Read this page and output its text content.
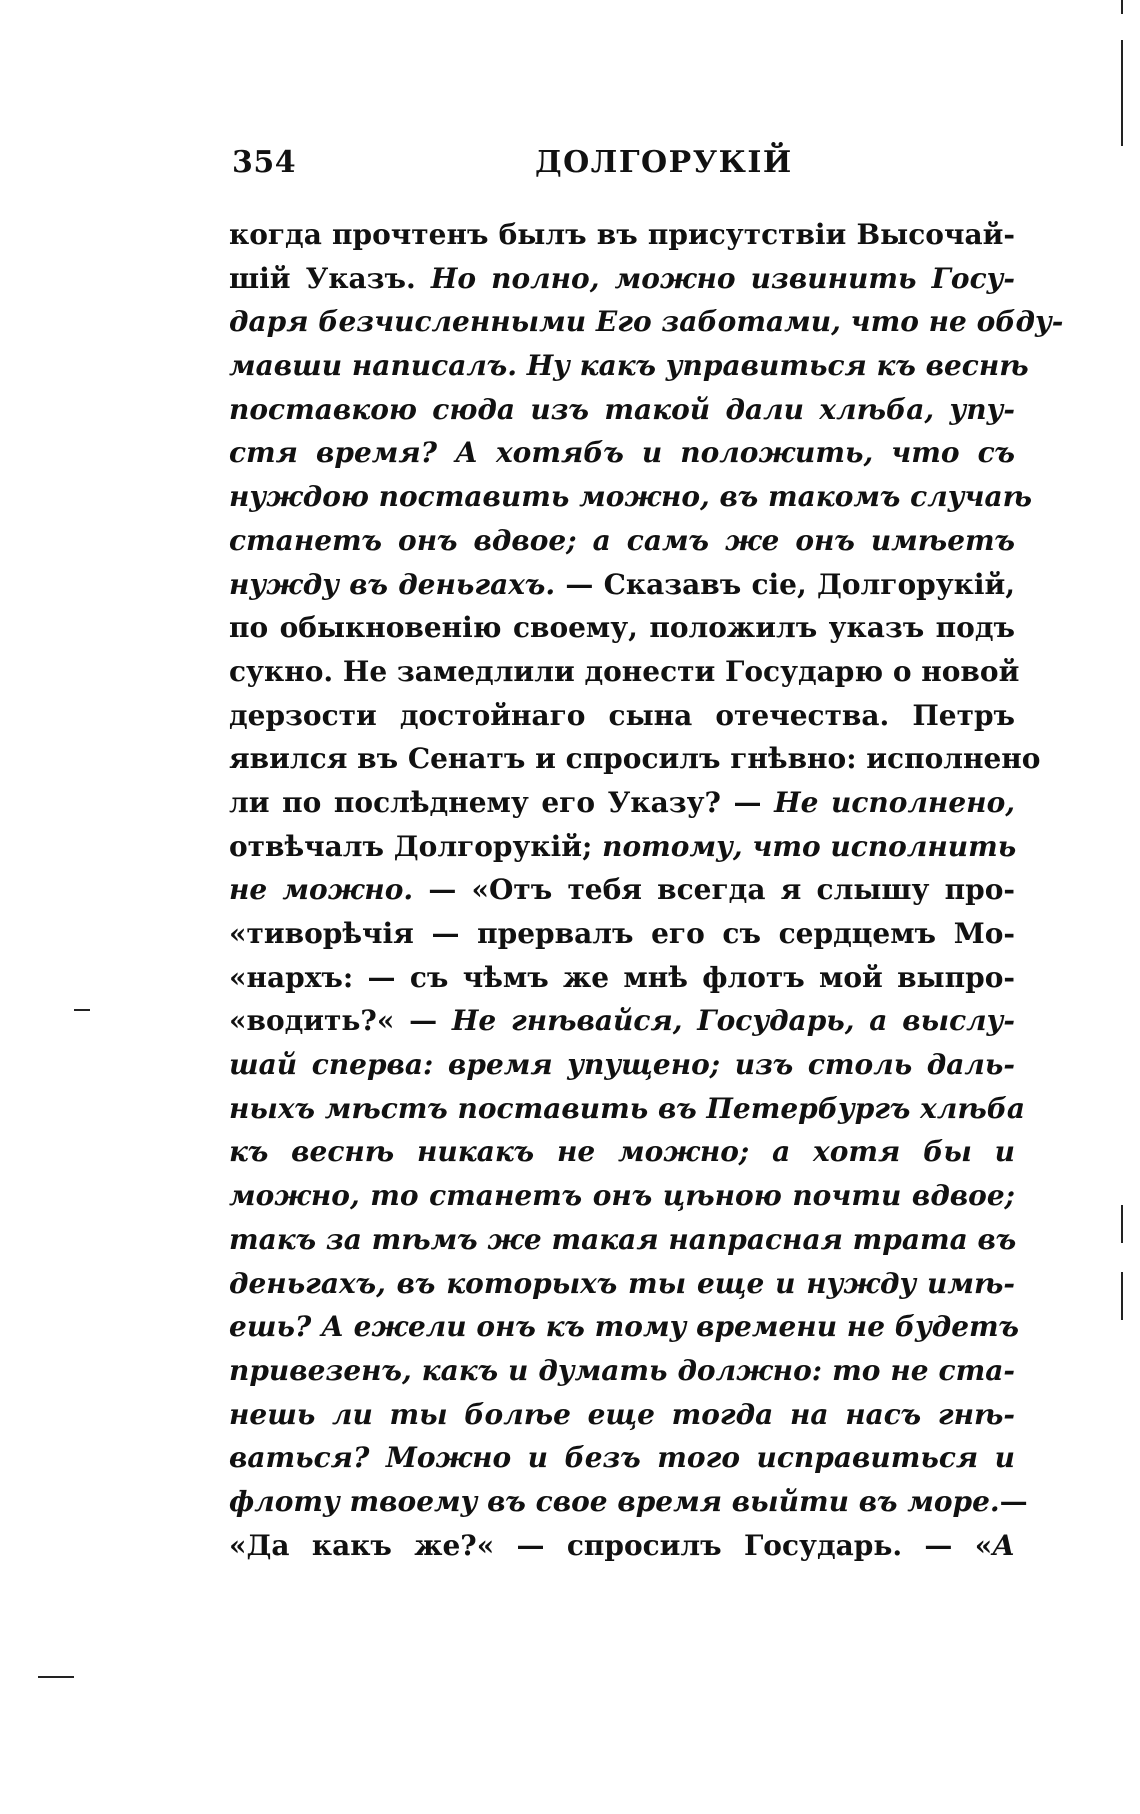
354	ДОЛГОРУКІЙ
когда прочтенъ былъ въ присутствіи Высочай-
шій Указъ. Но полно, можно извинить Госу-
даря безчисленными Его заботами, что не обду-
мавши написалъ. Ну какъ управиться къ веснѣ
поставкою сюда изъ такой дали хлѣба, упу-
стя время? А хотябъ и положить, что съ
нуждою поставить можно, въ такомъ случаѣ
станетъ онъ вдвое; а самъ же онъ имѣетъ
нужду въ деньгахъ. — Сказавъ сіе, Долгорукій,
по обыкновенію своему, положилъ указъ подъ
сукно. Не замедлили донести Государю о новой
дерзости достойнаго сына отечества. Петръ
явился въ Сенатъ и спросилъ гнѣвно: исполнено
ли по послѣднему его Указу? — Не исполнено,
отвѣчалъ Долгорукій; потому, что исполнить
не можно. — «Отъ тебя всегда я слышу про-
«тиворѣчія — прервалъ его съ сердцемъ Мо-
«нархъ: — съ чѣмъ же мнѣ флотъ мой выпро-
«водить?« — Не гнѣвайся, Государь, а выслу-
шай сперва: время упущено; изъ столь даль-
ныхъ мѣстъ поставить въ Петербургъ хлѣба
къ веснѣ никакъ не можно; а хотя бы и
можно, то станетъ онъ цѣною почти вдвое;
такъ за тѣмъ же такая напрасная трата въ
деньгахъ, въ которыхъ ты еще и нужду имѣ-
ешь? А ежели онъ къ тому времени не будетъ
привезенъ, какъ и думать должно: то не ста-
нешь ли ты болѣе еще тогда на насъ гнѣ-
ваться? Можно и безъ того исправиться и
флоту твоему въ свое время выйти въ море.—
«Да какъ же?« — спросилъ Государь. — «А
